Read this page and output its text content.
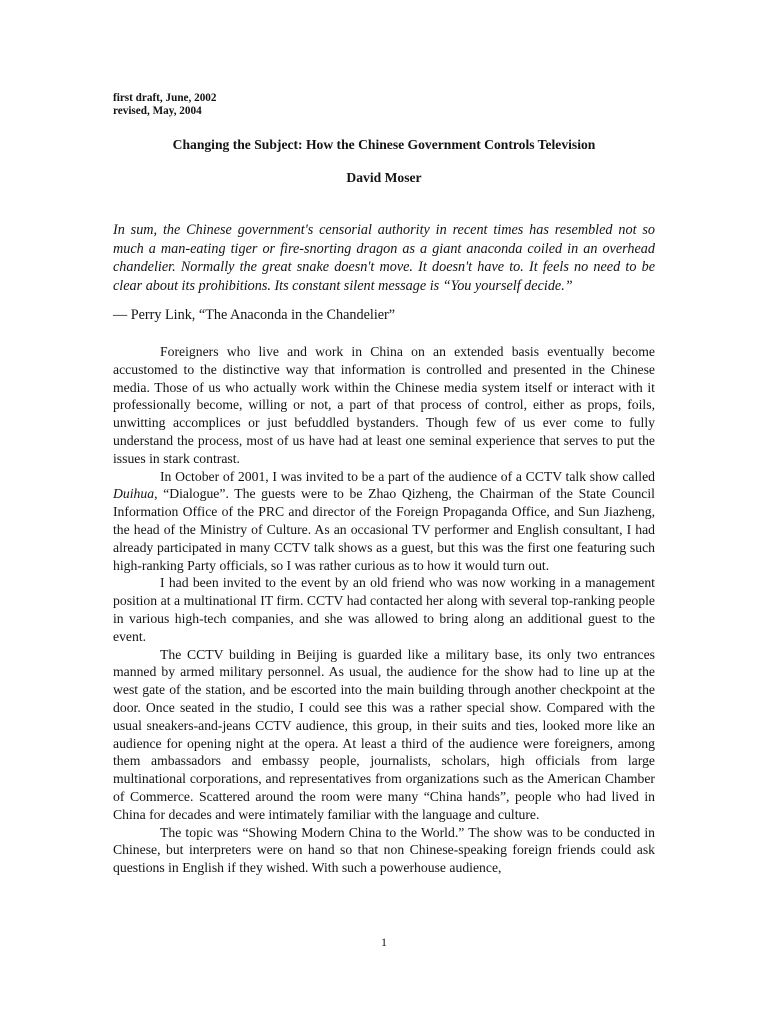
first draft, June, 2002
revised, May, 2004
Changing the Subject: How the Chinese Government Controls Television
David Moser
In sum, the Chinese government's censorial authority in recent times has resembled not so much a man-eating tiger or fire-snorting dragon as a giant anaconda coiled in an overhead chandelier. Normally the great snake doesn't move. It doesn't have to. It feels no need to be clear about its prohibitions. Its constant silent message is “You yourself decide.”
— Perry Link, “The Anaconda in the Chandelier”

Foreigners who live and work in China on an extended basis eventually become accustomed to the distinctive way that information is controlled and presented in the Chinese media. Those of us who actually work within the Chinese media system itself or interact with it professionally become, willing or not, a part of that process of control, either as props, foils, unwitting accomplices or just befuddled bystanders. Though few of us ever come to fully understand the process, most of us have had at least one seminal experience that serves to put the issues in stark contrast.

In October of 2001, I was invited to be a part of the audience of a CCTV talk show called Duihua, “Dialogue”. The guests were to be Zhao Qizheng, the Chairman of the State Council Information Office of the PRC and director of the Foreign Propaganda Office, and Sun Jiazheng, the head of the Ministry of Culture. As an occasional TV performer and English consultant, I had already participated in many CCTV talk shows as a guest, but this was the first one featuring such high-ranking Party officials, so I was rather curious as to how it would turn out.

I had been invited to the event by an old friend who was now working in a management position at a multinational IT firm. CCTV had contacted her along with several top-ranking people in various high-tech companies, and she was allowed to bring along an additional guest to the event.

The CCTV building in Beijing is guarded like a military base, its only two entrances manned by armed military personnel. As usual, the audience for the show had to line up at the west gate of the station, and be escorted into the main building through another checkpoint at the door. Once seated in the studio, I could see this was a rather special show. Compared with the usual sneakers-and-jeans CCTV audience, this group, in their suits and ties, looked more like an audience for opening night at the opera. At least a third of the audience were foreigners, among them ambassadors and embassy people, journalists, scholars, high officials from large multinational corporations, and representatives from organizations such as the American Chamber of Commerce. Scattered around the room were many “China hands”, people who had lived in China for decades and were intimately familiar with the language and culture.

The topic was “Showing Modern China to the World.” The show was to be conducted in Chinese, but interpreters were on hand so that non Chinese-speaking foreign friends could ask questions in English if they wished. With such a powerhouse audience,

1
